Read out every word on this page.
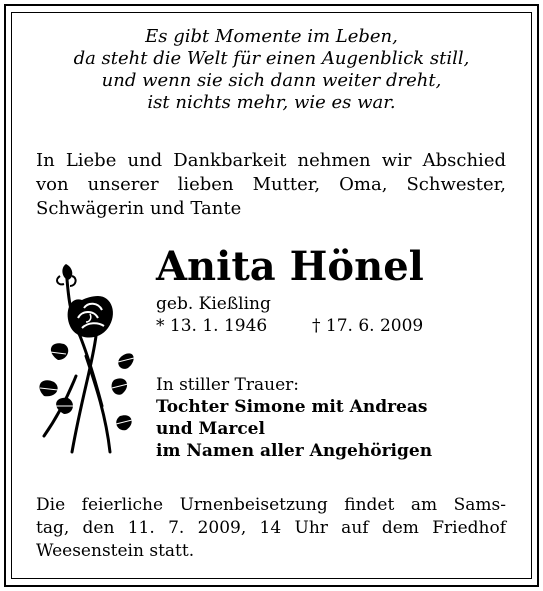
Es gibt Momente im Leben,
da steht die Welt für einen Augenblick still,
und wenn sie sich dann weiter dreht,
ist nichts mehr, wie es war.
In Liebe und Dankbarkeit nehmen wir Abschied
von unserer lieben Mutter, Oma, Schwester,
Schwägerin und Tante
Anita Hönel
geb. Kießling
* 13. 1. 1946	† 17. 6. 2009
In stiller Trauer:
Tochter Simone mit Andreas
und Marcel
im Namen aller Angehörigen
Die feierliche Urnenbeisetzung findet am Sams-
tag, den 11. 7. 2009, 14 Uhr auf dem Friedhof
Weesenstein statt.
